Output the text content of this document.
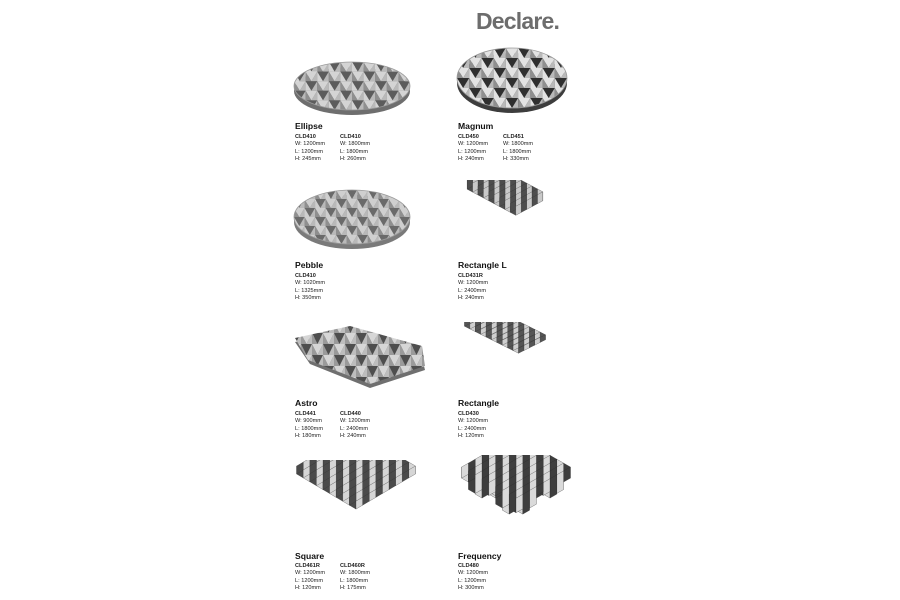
Declare.
Ellipse
CLD410
W: 1200mm
L: 1200mm
H: 245mm
CLD410
W: 1800mm
L: 1800mm
H: 260mm
Magnum
CLD450
W: 1200mm
L: 1200mm
H: 240mm
CLD451
W: 1800mm
L: 1800mm
H: 330mm
Pebble
CLD410
W: 1020mm
L: 1325mm
H: 350mm
Rectangle L
CLD431R
W: 1200mm
L: 2400mm
H: 240mm
Astro
CLD441
W: 900mm
L: 1800mm
H: 180mm
CLD440
W: 1200mm
L: 2400mm
H: 240mm
Rectangle
CLD430
W: 1200mm
L: 2400mm
H: 120mm
Square
CLD461R
W: 1200mm
L: 1200mm
H: 120mm
CLD460R
W: 1800mm
L: 1800mm
H: 175mm
Frequency
CLD480
W: 1200mm
L: 1200mm
H: 300mm
